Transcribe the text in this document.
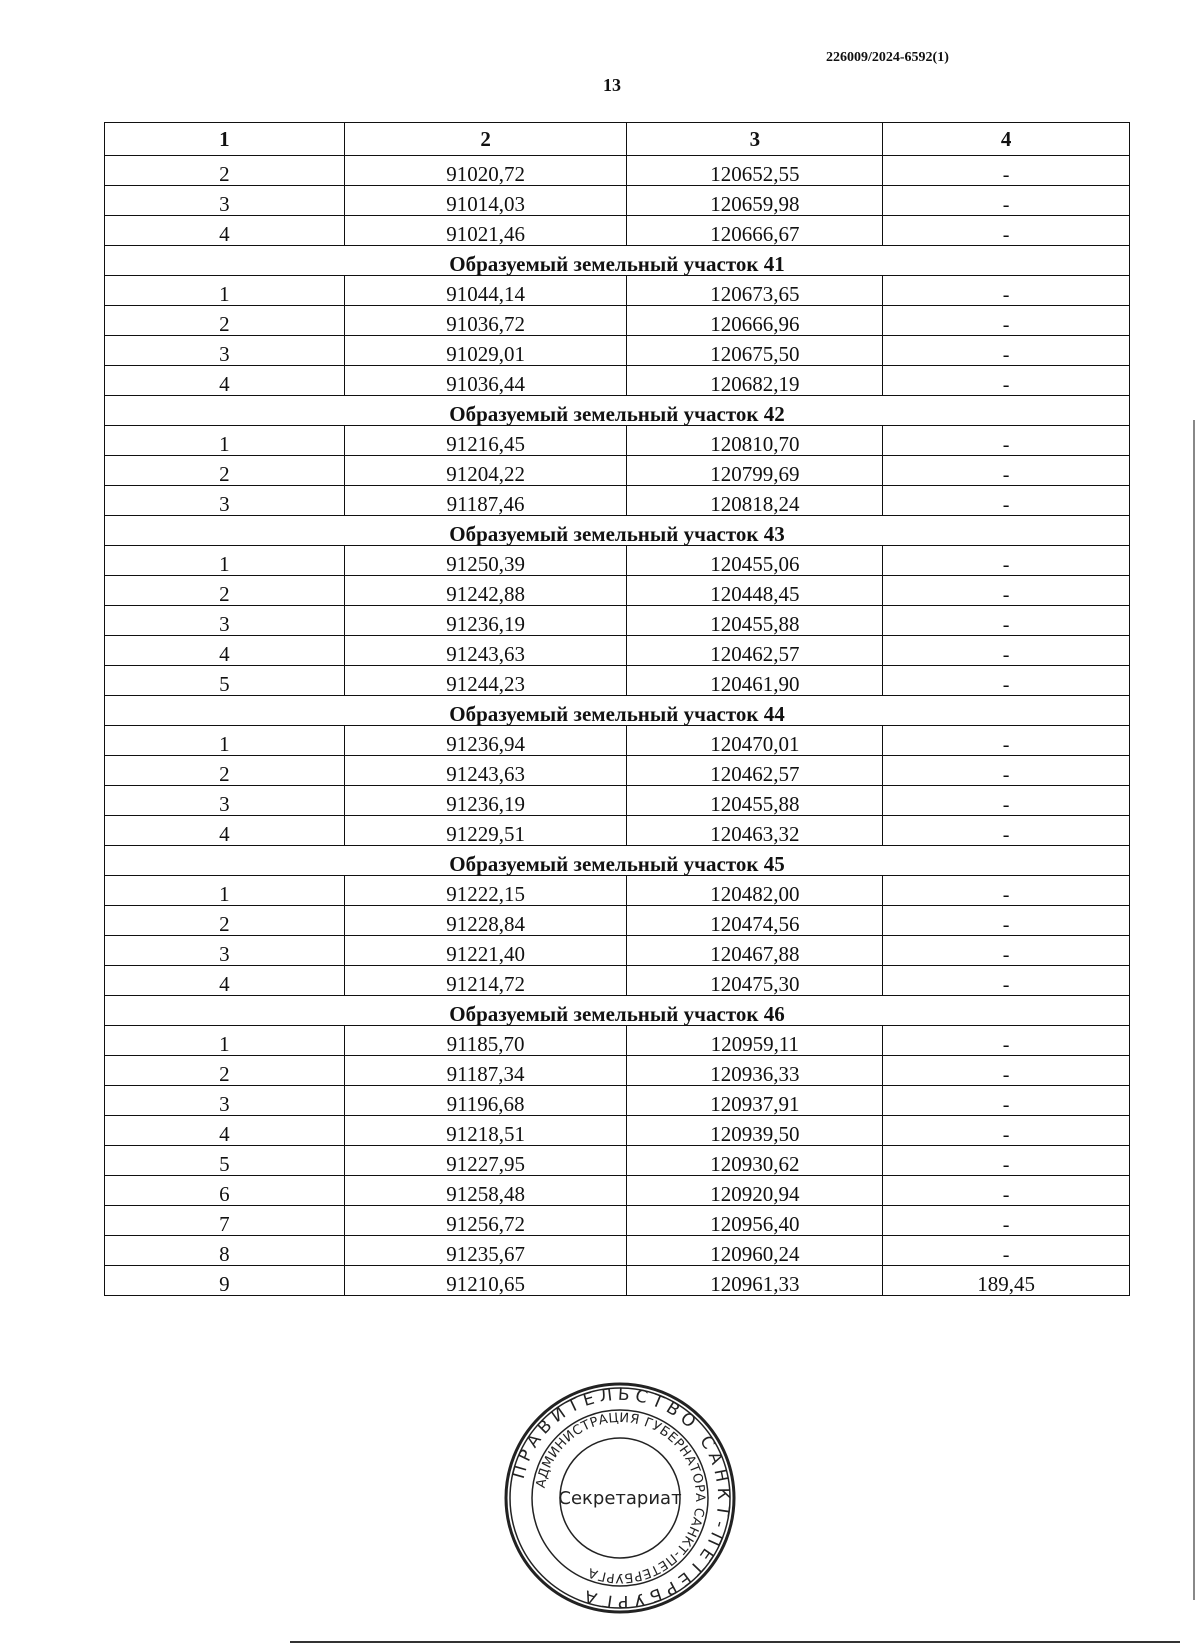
226009/2024-6592(1)
13
1	2	3	4
2	91020,72	120652,55	-
3	91014,03	120659,98	-
4	91021,46	120666,67	-
Образуемый земельный участок 41			
1	91044,14	120673,65	-
2	91036,72	120666,96	-
3	91029,01	120675,50	-
4	91036,44	120682,19	-
Образуемый земельный участок 42			
1	91216,45	120810,70	-
2	91204,22	120799,69	-
3	91187,46	120818,24	-
Образуемый земельный участок 43			
1	91250,39	120455,06	-
2	91242,88	120448,45	-
3	91236,19	120455,88	-
4	91243,63	120462,57	-
5	91244,23	120461,90	-
Образуемый земельный участок 44			
1	91236,94	120470,01	-
2	91243,63	120462,57	-
3	91236,19	120455,88	-
4	91229,51	120463,32	-
Образуемый земельный участок 45			
1	91222,15	120482,00	-
2	91228,84	120474,56	-
3	91221,40	120467,88	-
4	91214,72	120475,30	-
Образуемый земельный участок 46			
1	91185,70	120959,11	-
2	91187,34	120936,33	-
3	91196,68	120937,91	-
4	91218,51	120939,50	-
5	91227,95	120930,62	-
6	91258,48	120920,94	-
7	91256,72	120956,40	-
8	91235,67	120960,24	-
9	91210,65	120961,33	189,45
ПРАВИТЕЛЬСТВО САНКТ-ПЕТЕРБУРГА
АДМИНИСТРАЦИЯ ГУБЕРНАТОРА САНКТ-ПЕТЕРБУРГА
Секретариат
